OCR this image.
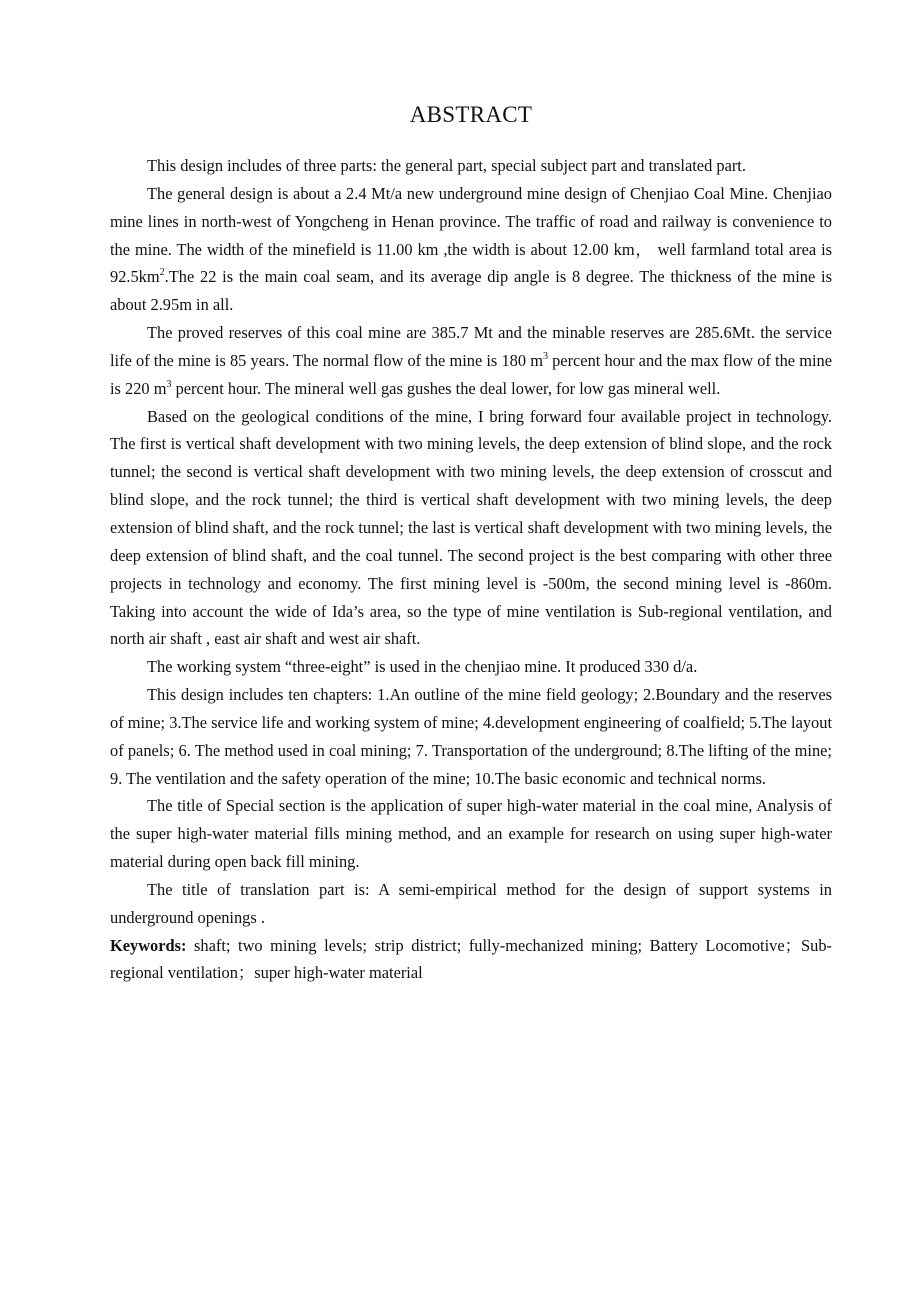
ABSTRACT

This design includes of three parts: the general part, special subject part and translated part.

The general design is about a 2.4 Mt/a new underground mine design of Chenjiao Coal Mine. Chenjiao mine lines in north-west of Yongcheng in Henan province. The traffic of road and railway is convenience to the mine. The width of the minefield is 11.00 km ,the width is about 12.00 km， well farmland total area is $92.5km^2.The$ 22 is the main coal seam, and its average dip angle is 8 degree. The thickness of the mine is about 2.95m in all.

The proved reserves of this coal mine are 385.7 Mt and the minable reserves are 285.6Mt. the service life of the mine is 85 years. The normal flow of the mine is 180 $m^3$ percent hour and the max flow of the mine is 220 $m^3$ percent hour. The mineral well gas gushes the deal lower, for low gas mineral well.

Based on the geological conditions of the mine, I bring forward four available project in technology. The first is vertical shaft development with two mining levels, the deep extension of blind slope, and the rock tunnel; the second is vertical shaft development with two mining levels, the deep extension of crosscut and blind slope, and the rock tunnel; the third is vertical shaft development with two mining levels, the deep extension of blind shaft, and the rock tunnel; the last is vertical shaft development with two mining levels, the deep extension of blind shaft, and the coal tunnel. The second project is the best comparing with other three projects in technology and economy. The first mining level is -500m, the second mining level is -860m. Taking into account the wide of Ida’s area, so the type of mine ventilation is Sub-regional ventilation, and north air shaft , east air shaft and west air shaft.

The working system “three-eight” is used in the chenjiao mine. It produced 330 d/a.

This design includes ten chapters: 1.An outline of the mine field geology; 2.Boundary and the reserves of mine; 3.The service life and working system of mine; 4.development engineering of coalfield; 5.The layout of panels; 6. The method used in coal mining; 7. Transportation of the underground; 8.The lifting of the mine; 9. The ventilation and the safety operation of the mine; 10.The basic economic and technical norms.

The title of Special section is the application of super high-water material in the coal mine, Analysis of the super high-water material fills mining method, and an example for research on using super high-water material during open back fill mining.

The title of translation part is: A semi-empirical method for the design of support systems in underground openings .

Keywords: shaft; two mining levels; strip district; fully-mechanized mining; Battery Locomotive；Sub-regional ventilation；super high-water material
